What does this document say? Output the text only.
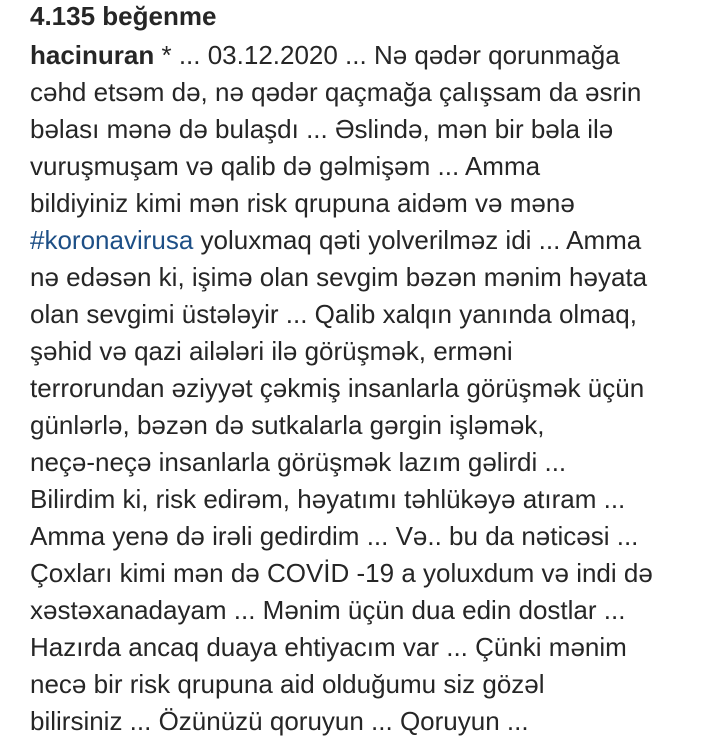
4.135 beğenme
hacinuran * ... 03.12.2020 ... Nə qədər qorunmağa
cəhd etsəm də, nə qədər qaçmağa çalışsam da əsrin
bəlası mənə də bulaşdı ... Əslində, mən bir bəla ilə
vuruşmuşam və qalib də gəlmişəm ... Amma
bildiyiniz kimi mən risk qrupuna aidəm və mənə
#koronavirusa yoluxmaq qəti yolverilməz idi ... Amma
nə edəsən ki, işimə olan sevgim bəzən mənim həyata
olan sevgimi üstələyir ... Qalib xalqın yanında olmaq,
şəhid və qazi ailələri ilə görüşmək, erməni
terrorundan əziyyət çəkmiş insanlarla görüşmək üçün
günlərlə, bəzən də sutkalarla gərgin işləmək,
neçə-neçə insanlarla görüşmək lazım gəlirdi ...
Bilirdim ki, risk edirəm, həyatımı təhlükəyə atıram ...
Amma yenə də irəli gedirdim ... Və.. bu da nəticəsi ...
Çoxları kimi mən də COVİD -19 a yoluxdum və indi də
xəstəxanadayam ... Mənim üçün dua edin dostlar ...
Hazırda ancaq duaya ehtiyacım var ... Çünki mənim
necə bir risk qrupuna aid olduğumu siz gözəl
bilirsiniz ... Özünüzü qoruyun ... Qoruyun ...
